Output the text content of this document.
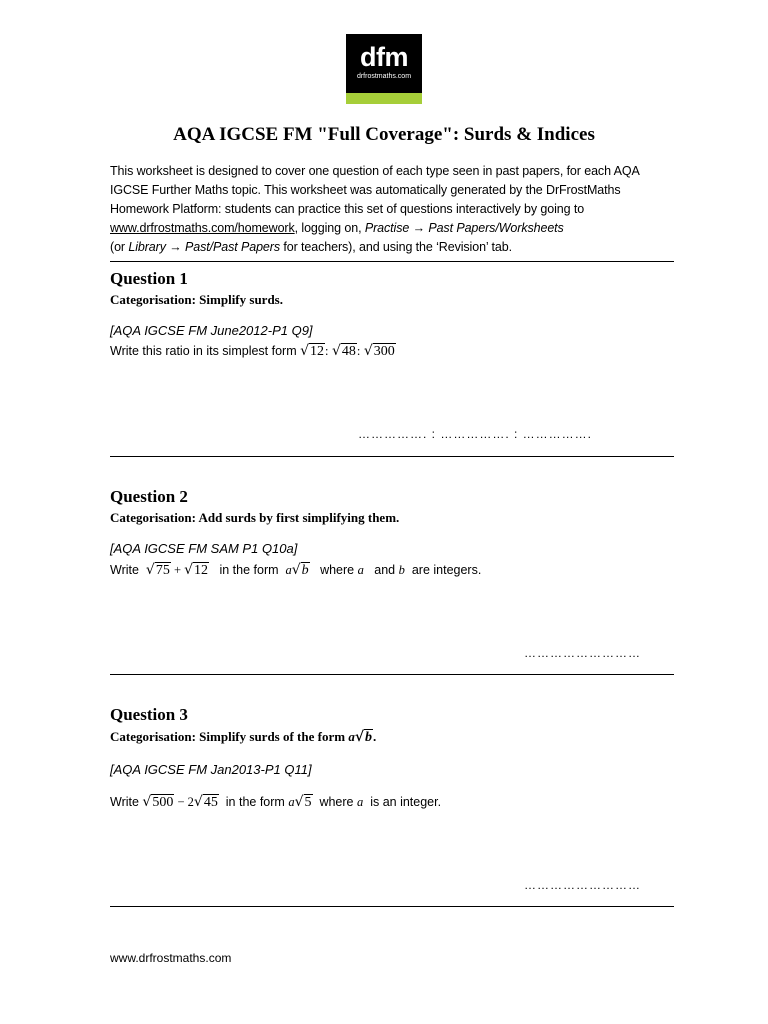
dfm
drfrostmaths.com
AQA IGCSE FM "Full Coverage": Surds & Indices
This worksheet is designed to cover one question of each type seen in past papers, for each AQA IGCSE Further Maths topic. This worksheet was automatically generated by the DrFrostMaths Homework Platform: students can practice this set of questions interactively by going to www.drfrostmaths.com/homework, logging on, Practise → Past Papers/Worksheets
(or Library → Past/Past Papers for teachers), and using the ‘Revision’ tab.
Question 1
Categorisation: Simplify surds.
[AQA IGCSE FM June2012-P1 Q9]
Write this ratio in its simplest form √12: √48: √300
……………. : ……………. : …………….
Question 2
Categorisation: Add surds by first simplifying them.
[AQA IGCSE FM SAM P1 Q10a]
Write √75 + √12 in the form a√b where a and b are integers.
………………………
Question 3
Categorisation: Simplify surds of the form a√b.
[AQA IGCSE FM Jan2013-P1 Q11]
Write √500 − 2√45 in the form a√5 where a is an integer.
………………………
www.drfrostmaths.com
